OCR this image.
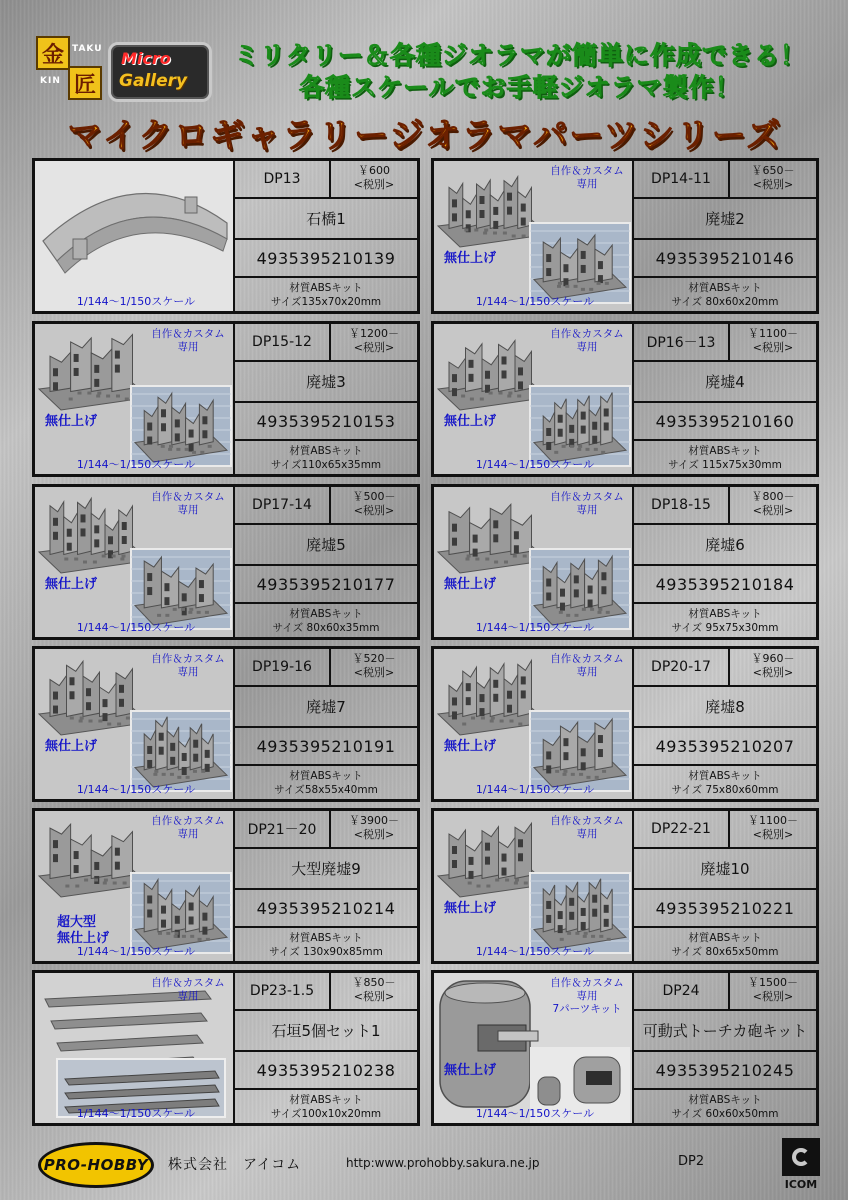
金 TAKU
KIN 匠
Micro
Gallery
ミリタリー＆各種ジオラマが簡単に作成できる！
各種スケールでお手軽ジオラマ製作！
マイクロギャラリージオラマパーツシリーズ
DP13
￥600
<税別>
石橋1
4935395210139
材質ABSキット
サイズ135x70x20mm
1/144～1/150スケール
DP14-11
￥650－
<税別>
廃墟2
4935395210146
材質ABSキット
サイズ 80x60x20mm
1/144～1/150スケール
自作＆カスタム
専用
無仕上げ
DP15-12
￥1200－
<税別>
廃墟3
4935395210153
材質ABSキット
サイズ110x65x35mm
1/144～1/150スケール
自作＆カスタム
専用
無仕上げ
DP16－13
￥1100－
<税別>
廃墟4
4935395210160
材質ABSキット
サイズ 115x75x30mm
1/144～1/150スケール
自作＆カスタム
専用
無仕上げ
DP17-14
￥500－
<税別>
廃墟5
4935395210177
材質ABSキット
サイズ 80x60x35mm
1/144～1/150スケール
自作＆カスタム
専用
無仕上げ
DP18-15
￥800－
<税別>
廃墟6
4935395210184
材質ABSキット
サイズ 95x75x30mm
1/144～1/150スケール
自作＆カスタム
専用
無仕上げ
DP19-16
￥520－
<税別>
廃墟7
4935395210191
材質ABSキット
サイズ58x55x40mm
1/144～1/150スケール
自作＆カスタム
専用
無仕上げ
DP20-17
￥960－
<税別>
廃墟8
4935395210207
材質ABSキット
サイズ 75x80x60mm
1/144～1/150スケール
自作＆カスタム
専用
無仕上げ
DP21－20
￥3900－
<税別>
大型廃墟9
4935395210214
材質ABSキット
サイズ 130x90x85mm
1/144～1/150スケール
自作＆カスタム
専用
超大型
無仕上げ
DP22-21
￥1100－
<税別>
廃墟10
4935395210221
材質ABSキット
サイズ 80x65x50mm
1/144～1/150スケール
自作＆カスタム
専用
無仕上げ
DP23-1.5
￥850－
<税別>
石垣5個セット1
4935395210238
材質ABSキット
サイズ100x10x20mm
1/144～1/150スケール
自作＆カスタム
専用	DP24
￥1500－
<税別>
可動式トーチカ砲キット
4935395210245
材質ABSキット
サイズ 60x60x50mm
1/144～1/150スケール
自作＆カスタム
専用
7パーツキット
無仕上げ
PRO-HOBBY 株式会社　アイコム	http:www.prohobby.sakura.ne.jp	DP2
ICOM
